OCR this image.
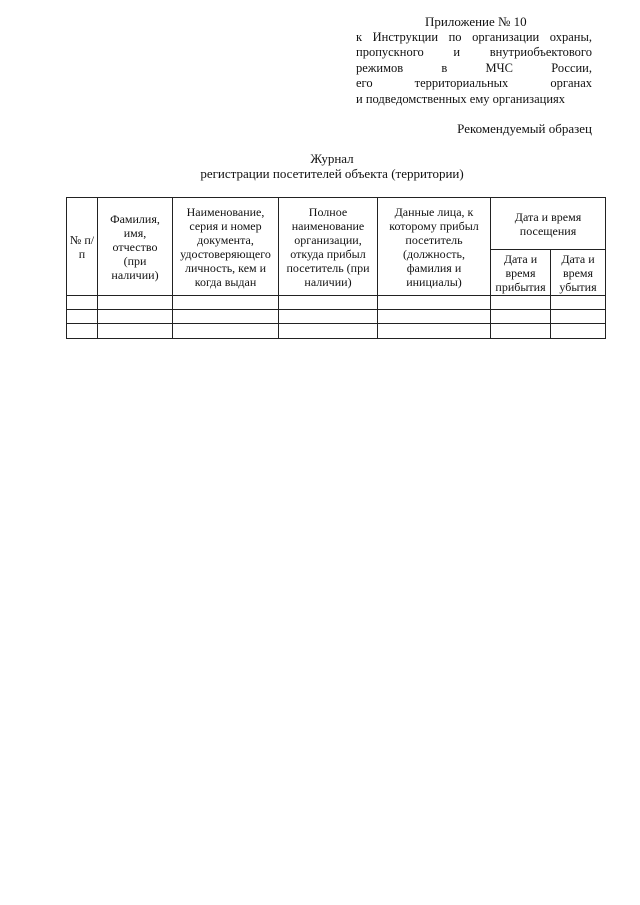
Приложение № 10
к Инструкции по организации охраны,
пропускного и внутриобъектового
режимов в МЧС России,
его территориальных органах
и подведомственных ему организациях
Рекомендуемый образец
Журнал
регистрации посетителей объекта (территории)
№ п/п	Фамилия, имя, отчество (при наличии)	Наименование, серия и номер документа, удостоверяющего личность, кем и когда выдан	Полное наименование организации, откуда прибыл посетитель (при наличии)	Данные лица, к которому прибыл посетитель (должность, фамилия и инициалы)	Дата и время посещения	
					Дата и время прибытия	Дата и время убытия
